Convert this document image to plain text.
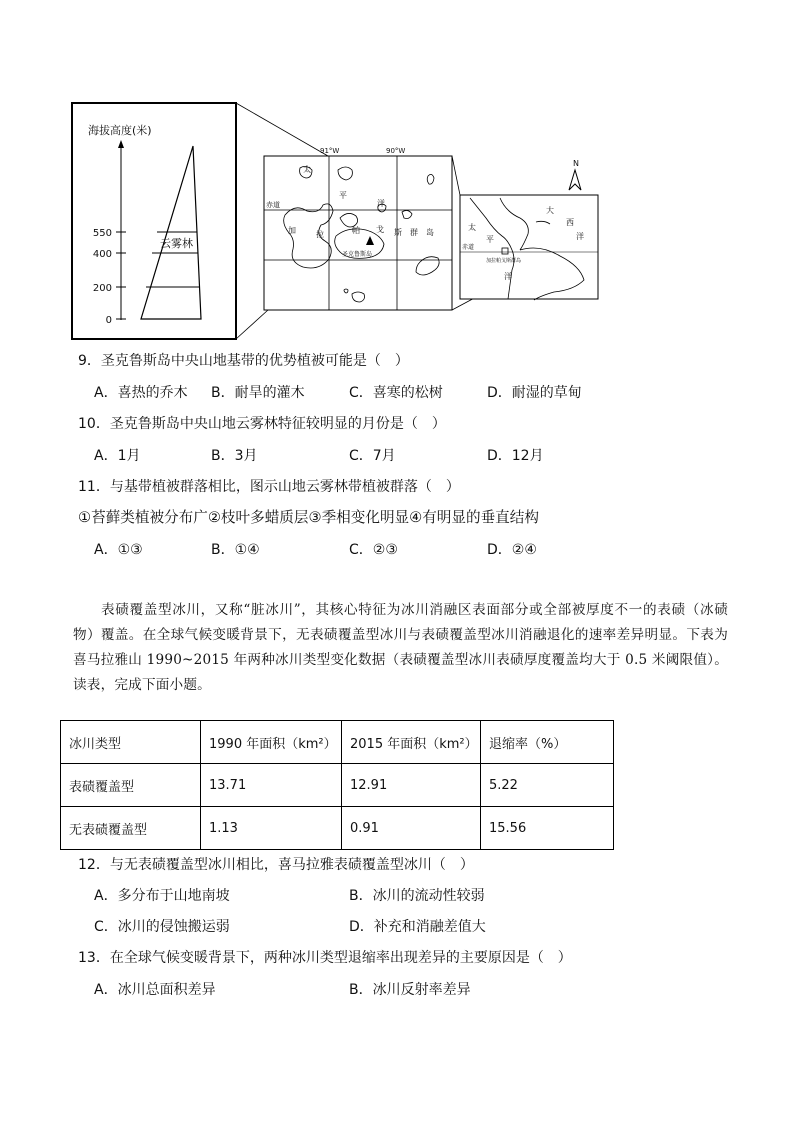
海拔高度(米)
550
400
200
0
云雾林
91°W	90°W
赤道
太
平
洋
加	拉	帕 戈 斯 群 岛
圣克鲁斯岛
N
大
西
洋
太
平
洋
赤道
加拉帕戈斯群岛
9．圣克鲁斯岛中央山地基带的优势植被可能是（　）
A．喜热的乔木 B．耐旱的灌木	C．喜寒的松树	D．耐湿的草甸
10．圣克鲁斯岛中央山地云雾林特征较明显的月份是（　）
A．1月	B．3月	C．7月	D．12月
11．与基带植被群落相比，图示山地云雾林带植被群落（　）
①苔藓类植被分布广②枝叶多蜡质层③季相变化明显④有明显的垂直结构
A．①③	B．①④	C．②③	D．②④

表碛覆盖型冰川，又称“脏冰川”，其核心特征为冰川消融区表面部分或全部被厚度不一的表碛（冰碛物）覆盖。在全球气候变暖背景下，无表碛覆盖型冰川与表碛覆盖型冰川消融退化的速率差异明显。下表为喜马拉雅山 1990~2015 年两种冰川类型变化数据（表碛覆盖型冰川表碛厚度覆盖均大于 0.5 米阈限值）。读表，完成下面小题。

冰川类型	1990 年面积（km²）	2015 年面积（km²）	退缩率（%）
表碛覆盖型	13.71	12.91	5.22
无表碛覆盖型	1.13	0.91	15.56
12．与无表碛覆盖型冰川相比，喜马拉雅表碛覆盖型冰川（　）
A．多分布于山地南坡	B．冰川的流动性较弱
C．冰川的侵蚀搬运弱	D．补充和消融差值大
13．在全球气候变暖背景下，两种冰川类型退缩率出现差异的主要原因是（　）
A．冰川总面积差异	B．冰川反射率差异
